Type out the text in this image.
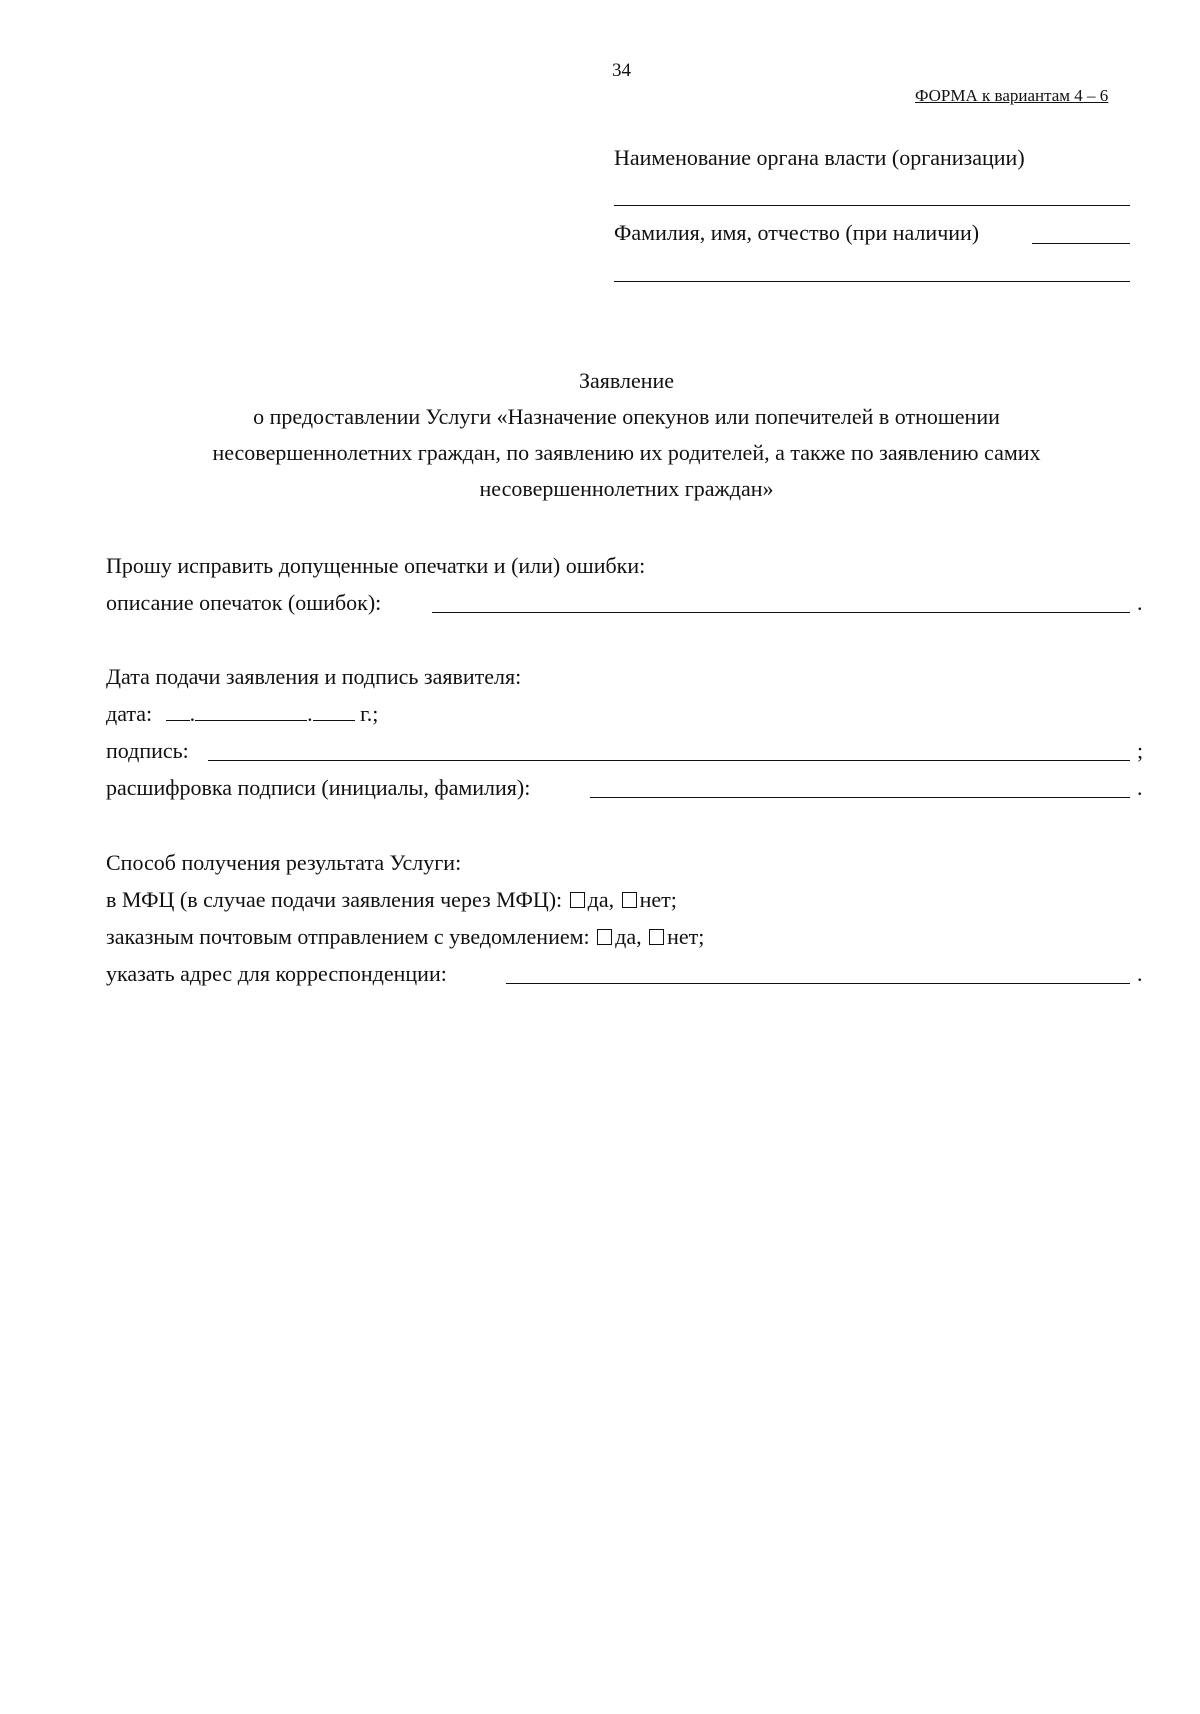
34
ФОРМА к вариантам 4 – 6
Наименование органа власти (организации)
Фамилия, имя, отчество (при наличии)
Заявление
о предоставлении Услуги «Назначение опекунов или попечителей в отношении
несовершеннолетних граждан, по заявлению их родителей, а также по заявлению самих
несовершеннолетних граждан»
Прошу исправить допущенные опечатки и (или) ошибки:
описание опечаток (ошибок):	.
Дата подачи заявления и подпись заявителя:
дата: .	. г.;
подпись:	;
расшифровка подписи (инициалы, фамилия):	.
Способ получения результата Услуги:
в МФЦ (в случае подачи заявления через МФЦ): да, нет;
заказным почтовым отправлением с уведомлением: да, нет;
указать адрес для корреспонденции:	.
